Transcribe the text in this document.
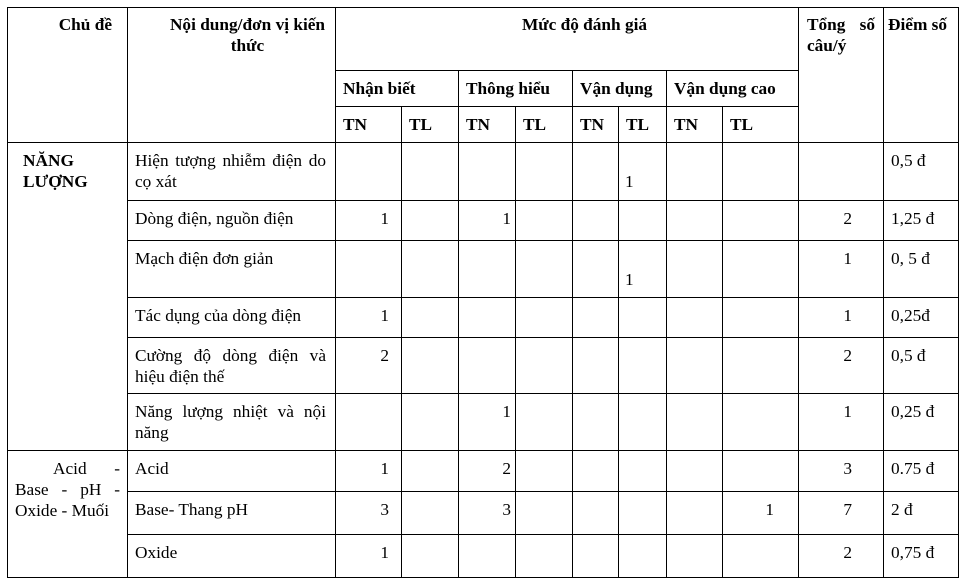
Chủ đề	Nội dung/đơn vị kiến thức	Mức độ đánh giá								Tổng số câu/ý	Điểm số
		Nhận biết		Thông hiểu		Vận dụng		Vận dụng cao			
		TN	TL	TN	TL	TN	TL	TN	TL		
NĂNG LƯỢNG	Hiện tượng nhiễm điện do cọ xát						1				0,5 đ
	Dòng điện, nguồn điện	1		1						2	1,25 đ
	Mạch điện đơn giản						1			1	0, 5 đ
	Tác dụng của dòng điện	1								1	0,25đ
	Cường độ dòng điện và hiệu điện thế	2								2	0,5 đ
	Năng lượng nhiệt và nội năng			1						1	0,25 đ
Acid - Base - pH - Oxide - Muối	Acid	1		2						3	0.75 đ
	Base- Thang pH	3		3					1	7	2 đ
	Oxide	1								2	0,75 đ
